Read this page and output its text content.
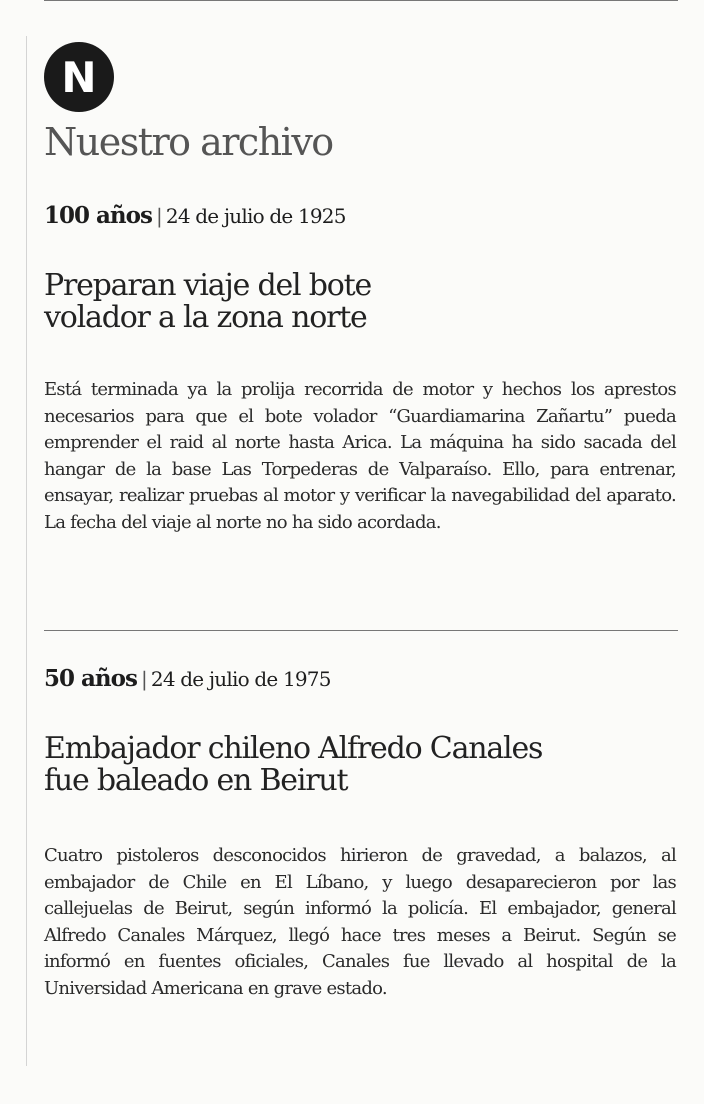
N
Nuestro archivo
100 años | 24 de julio de 1925
Preparan viaje del bote
volador a la zona norte

Está terminada ya la prolija recorrida de motor y hechos los aprestos necesarios para que el bote volador “Guardiamarina Zañartu” pueda emprender el raid al norte hasta Arica. La máquina ha sido sacada del hangar de la base Las Torpederas de Valparaíso. Ello, para entrenar, ensayar, realizar pruebas al motor y verificar la navegabilidad del aparato. La fecha del viaje al norte no ha sido acordada.

50 años | 24 de julio de 1975
Embajador chileno Alfredo Canales
fue baleado en Beirut

Cuatro pistoleros desconocidos hirieron de gravedad, a balazos, al embajador de Chile en El Líbano, y luego desaparecieron por las callejuelas de Beirut, según informó la policía. El embajador, general Alfredo Canales Márquez, llegó hace tres meses a Beirut. Según se informó en fuentes oficiales, Canales fue llevado al hospital de la Universidad Americana en grave estado.
